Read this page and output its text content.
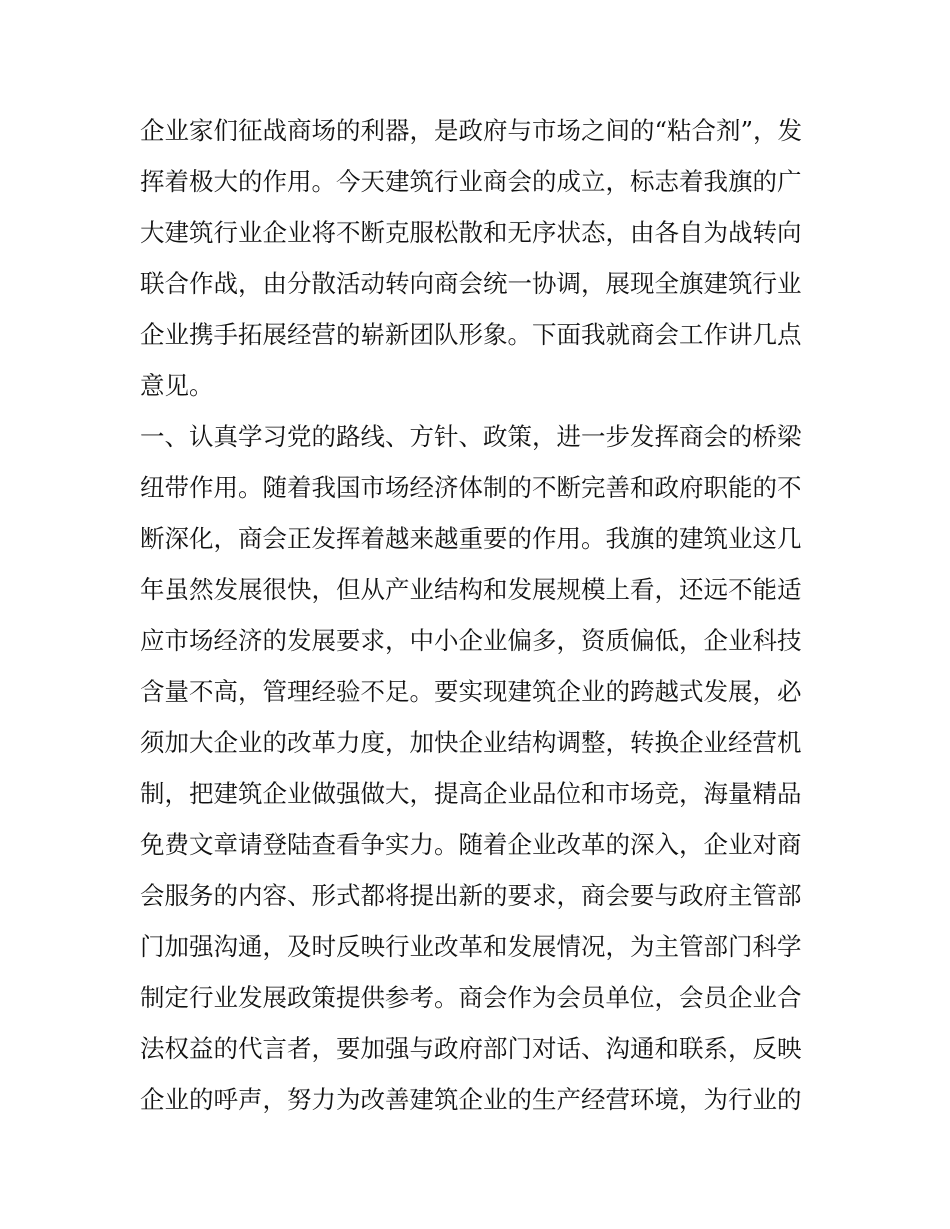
企业家们征战商场的利器，是政府与市场之间的“粘合剂”，发
挥着极大的作用。今天建筑行业商会的成立，标志着我旗的广
大建筑行业企业将不断克服松散和无序状态，由各自为战转向
联合作战，由分散活动转向商会统一协调，展现全旗建筑行业
企业携手拓展经营的崭新团队形象。下面我就商会工作讲几点
意见。
一、认真学习党的路线、方针、政策，进一步发挥商会的桥梁
纽带作用。随着我国市场经济体制的不断完善和政府职能的不
断深化，商会正发挥着越来越重要的作用。我旗的建筑业这几
年虽然发展很快，但从产业结构和发展规模上看，还远不能适
应市场经济的发展要求，中小企业偏多，资质偏低，企业科技
含量不高，管理经验不足。要实现建筑企业的跨越式发展，必
须加大企业的改革力度，加快企业结构调整，转换企业经营机
制，把建筑企业做强做大，提高企业品位和市场竞，海量精品
免费文章请登陆查看争实力。随着企业改革的深入，企业对商
会服务的内容、形式都将提出新的要求，商会要与政府主管部
门加强沟通，及时反映行业改革和发展情况，为主管部门科学
制定行业发展政策提供参考。商会作为会员单位，会员企业合
法权益的代言者，要加强与政府部门对话、沟通和联系，反映
企业的呼声，努力为改善建筑企业的生产经营环境，为行业的
